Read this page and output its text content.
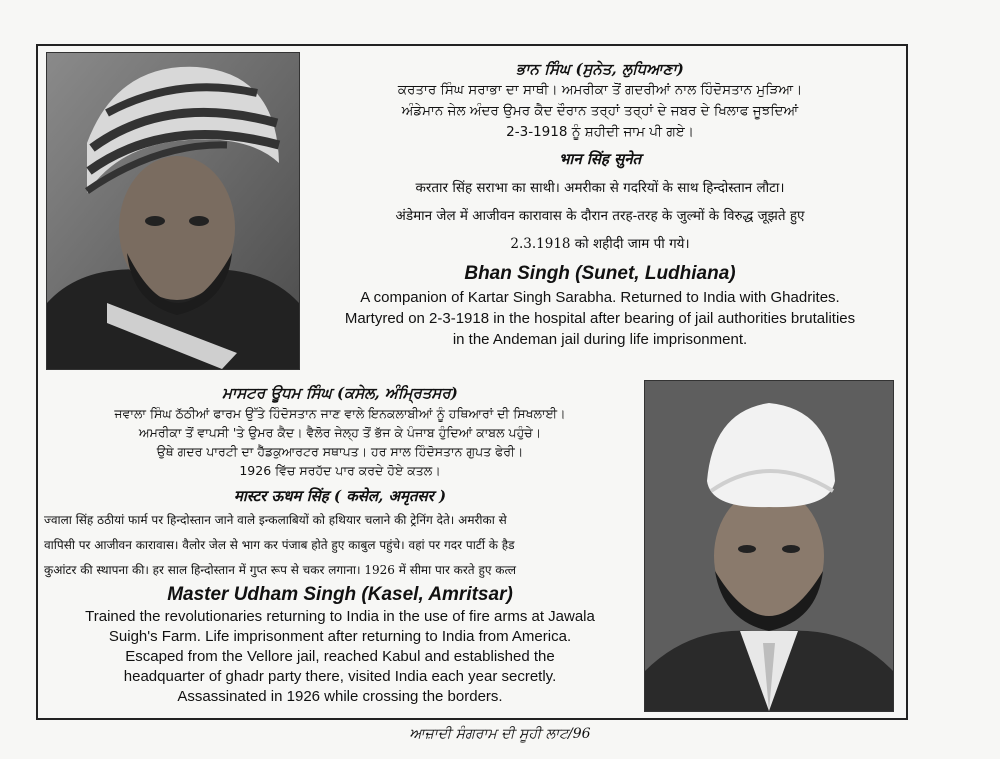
ਭਾਨ ਸਿੰਘ (ਸੁਨੇਤ, ਲੁਧਿਆਣਾ)
ਕਰਤਾਰ ਸਿੰਘ ਸਰਾਭਾ ਦਾ ਸਾਥੀ। ਅਮਰੀਕਾ ਤੋਂ ਗਦਰੀਆਂ ਨਾਲ ਹਿੰਦੋਸਤਾਨ ਮੁੜਿਆ।
ਅੰਡੇਮਾਨ ਜੇਲ ਅੰਦਰ ਉਮਰ ਕੈਦ ਦੌਰਾਨ ਤਰ੍ਹਾਂ ਤਰ੍ਹਾਂ ਦੇ ਜਬਰ ਦੇ ਖਿਲਾਫ ਜੂਝਦਿਆਂ
2-3-1918 ਨੂੰ ਸ਼ਹੀਦੀ ਜਾਮ ਪੀ ਗਏ।
भान सिंह सुनेत
करतार सिंह सराभा का साथी। अमरीका से गदरियों के साथ हिन्दोस्तान लौटा।
अंडेमान जेल में आजीवन कारावास के दौरान तरह-तरह के जुल्मों के विरुद्ध जूझते हुए
2.3.1918 को शहीदी जाम पी गये।
Bhan Singh (Sunet, Ludhiana)
A companion of Kartar Singh Sarabha. Returned to India with Ghadrites.
Martyred on 2-3-1918 in the hospital after bearing of jail authorities brutalities
in the Andeman jail during life imprisonment.
ਮਾਸਟਰ ਊਧਮ ਸਿੰਘ (ਕਸੇਲ, ਅੰਮ੍ਰਿਤਸਰ)
ਜਵਾਲਾ ਸਿੰਘ ਠੱਠੀਆਂ ਫਾਰਮ ਉੱਤੇ ਹਿੰਦੋਸਤਾਨ ਜਾਣ ਵਾਲੇ ਇਨਕਲਾਬੀਆਂ ਨੂੰ ਹਥਿਆਰਾਂ ਦੀ ਸਿਖਲਾਈ।
ਅਮਰੀਕਾ ਤੋਂ ਵਾਪਸੀ 'ਤੇ ਉਮਰ ਕੈਦ। ਵੈਲੋਰ ਜੇਲ੍ਹ ਤੋਂ ਭੱਜ ਕੇ ਪੰਜਾਬ ਹੁੰਦਿਆਂ ਕਾਬਲ ਪਹੁੰਚੇ।
ਉਥੇ ਗਦਰ ਪਾਰਟੀ ਦਾ ਹੈੱਡਕੁਆਰਟਰ ਸਥਾਪਤ। ਹਰ ਸਾਲ ਹਿੰਦੋਸਤਾਨ ਗੁਪਤ ਫੇਰੀ।
1926 ਵਿੱਚ ਸਰਹੱਦ ਪਾਰ ਕਰਦੇ ਹੋਏ ਕਤਲ।
मास्टर ऊधम सिंह ( कसेल, अमृतसर )
ज्वाला सिंह ठठीयां फार्म पर हिन्दोस्तान जाने वाले इन्कलाबियों को हथियार चलाने की ट्रेनिंग देते। अमरीका से
वापिसी पर आजीवन कारावास। वैलोर जेल से भाग कर पंजाब होते हुए काबुल पहुंचे। वहां पर गदर पार्टी के हैड
कुआंटर की स्थापना की। हर साल हिन्दोस्तान में गुप्त रूप से चकर लगाना। 1926 में सीमा पार करते हुए कत्ल
Master Udham Singh (Kasel, Amritsar)
Trained the revolutionaries returning to India in the use of fire arms at Jawala
Suigh's Farm. Life imprisonment after returning to India from America.
Escaped from the Vellore jail, reached Kabul and established the
headquarter of ghadr party there, visited India each year secretly.
Assassinated in 1926 while crossing the borders.
ਆਜ਼ਾਦੀ ਸੰਗਰਾਮ ਦੀ ਸੂਹੀ ਲਾਟ/96
